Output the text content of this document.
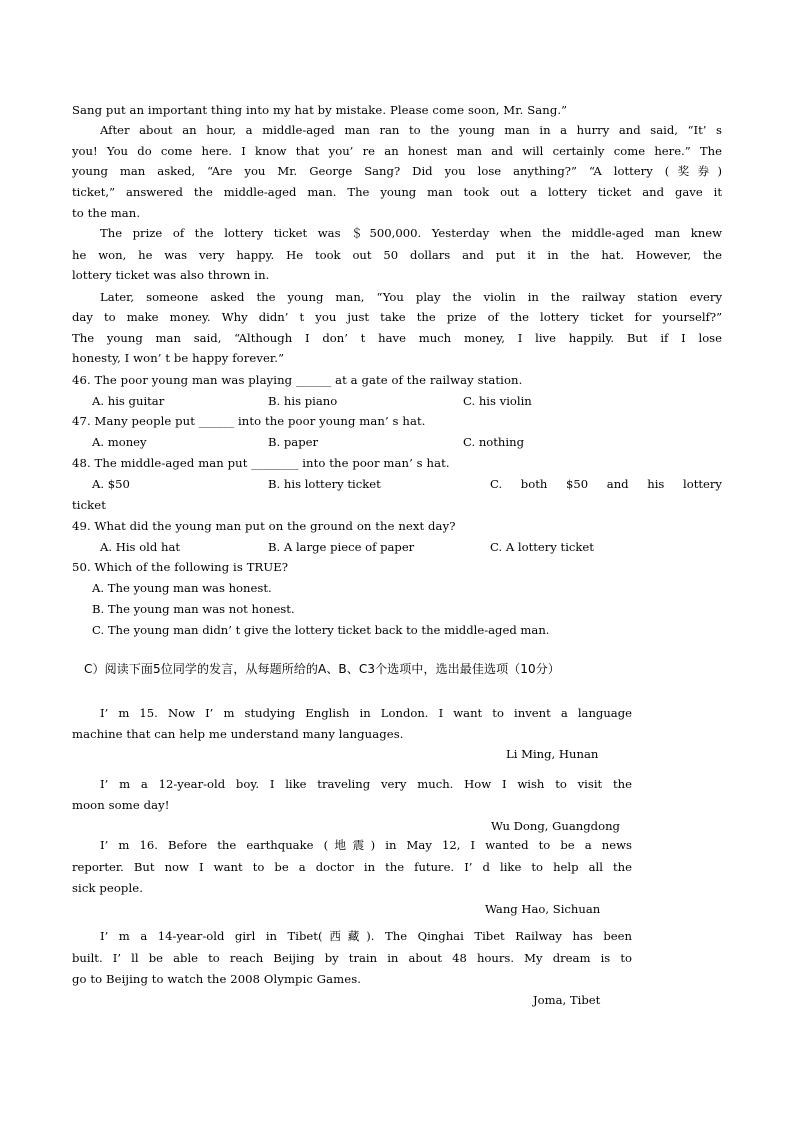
Sang put an important thing into my hat by mistake. Please come soon, Mr. Sang.”
After about an hour, a middle-aged man ran to the young man in a hurry and said, “It’ s
you! You do come here. I know that you’ re an honest man and will certainly come here.” The
young man asked, “Are you Mr. George Sang? Did you lose anything?” “A lottery (奖券)
ticket,” answered the middle-aged man. The young man took out a lottery ticket and gave it
to the man.
The prize of the lottery ticket was ＄500,000. Yesterday when the middle-aged man knew
he won, he was very happy. He took out 50 dollars and put it in the hat. However, the
lottery ticket was also thrown in.
Later, someone asked the young man, “You play the violin in the railway station every
day to make money. Why didn’ t you just take the prize of the lottery ticket for yourself?”
The young man said, “Although I don’ t have much money, I live happily. But if I lose
honesty, I won’ t be happy forever.”
46. The poor young man was playing ______ at a gate of the railway station.
A. his guitar	B. his piano	C. his violin
47. Many people put ______ into the poor young man’ s hat.
A. money	B. paper	C. nothing
48. The middle-aged man put ________ into the poor man’ s hat.
A. $50	B. his lottery ticket	C. both $50 and his lottery
ticket
49. What did the young man put on the ground on the next day?
A. His old hat	B. A large piece of paper	C. A lottery ticket
50. Which of the following is TRUE?
A. The young man was honest.
B. The young man was not honest.
C. The young man didn’ t give the lottery ticket back to the middle-aged man.
C）阅读下面5位同学的发言，从每题所给的A、B、C3个选项中，选出最佳选项（10分）
I’ m 15. Now I’ m studying English in London. I want to invent a language
machine that can help me understand many languages.
Li Ming, Hunan
I’ m a 12-year-old boy. I like traveling very much. How I wish to visit the
moon some day!
Wu Dong, Guangdong
I’ m 16. Before the earthquake (地震) in May 12, I wanted to be a news
reporter. But now I want to be a doctor in the future. I’ d like to help all the
sick people.
Wang Hao, Sichuan
I’ m a 14-year-old girl in Tibet(西藏). The Qinghai Tibet Railway has been
built. I’ ll be able to reach Beijing by train in about 48 hours. My dream is to
go to Beijing to watch the 2008 Olympic Games.
Joma, Tibet
